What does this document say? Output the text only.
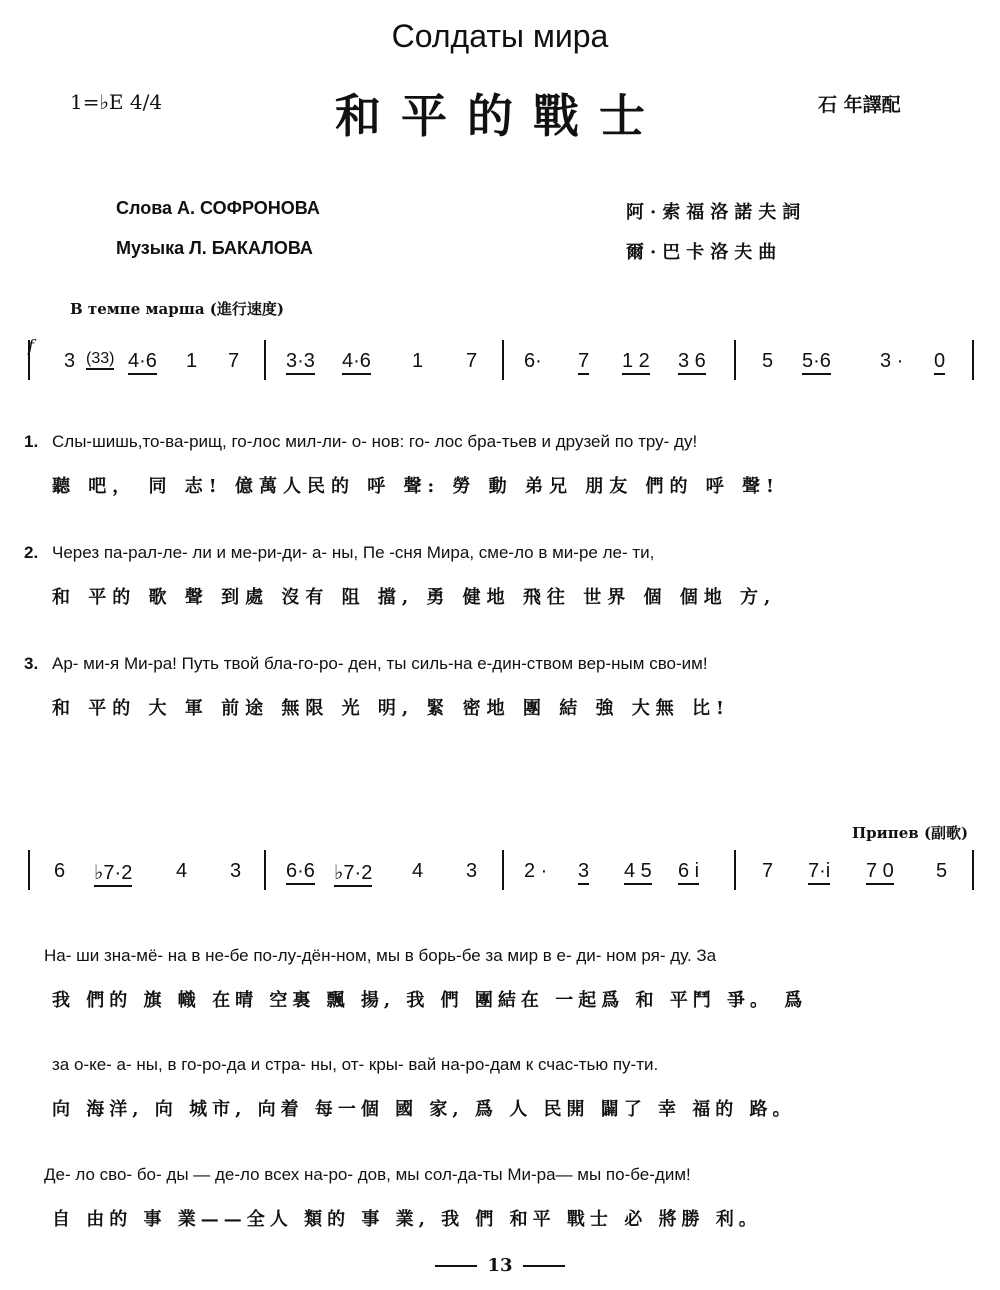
Солдаты мира
和平的戰士
1=♭E 4/4	石 年譯配
Слова А. СОФРОНОВА
Музыка Л. БАКАЛОВА
阿·索福洛諾夫詞
爾·巴卡洛夫曲
В темпе марша (進行速度)
f
3 (33) 4·6 1 7 3·3 4·6 1 7 6· 7 1 2 3 6	5 5·6 3 · 0
1. Слы-шишь,то-ва-рищ, го-лос мил-ли- о- нов: го- лос бра-тьев и друзей по тру- ду!
聽 吧， 同 志! 億萬人民的 呼 聲: 勞 動 弟兄 朋友 們的 呼 聲!
2. Через па-рал-ле- ли и ме-ри-ди- а- ны, Пе -сня Мира, сме-ло в ми-ре ле- ти,
和 平的 歌 聲 到處 沒有 阻 擋, 勇 健地 飛往 世界 個 個地 方,
3. Ар- ми-я Ми-ра! Путь твой бла-го-ро- ден, ты силь-на е-дин-ством вер-ным сво-им!
和 平的 大 軍 前途 無限 光 明, 緊 密地 團 結 強 大無 比!
Припев (副歌)
6 ♭7·2 4 3 6·6 ♭7·2 4 3 2 · 3 4 5 6 i	7 7·i 7 0 5
На- ши зна-мё- на в не-бе по-лу-дён-ном, мы в борь-бе за мир в е- ди- ном ря- ду. За
我 們的 旗 幟 在晴 空裏 飄 揚, 我 們 團結在 一起爲 和 平鬥 爭。 爲
за о-ке- а- ны, в го-ро-да и стра- ны, от- кры- вай на-ро-дам к счас-тью пу-ти.
向 海洋, 向 城市, 向着 每一個 國 家, 爲 人 民開 闢了 幸 福的 路。
Де- ло сво- бо- ды — де-ло всех на-ро- дов, мы сол-да-ты Ми-ра— мы по-бе-дим!
自 由的 事 業——全人 類的 事 業, 我 們 和平 戰士 必 將勝 利。
13
